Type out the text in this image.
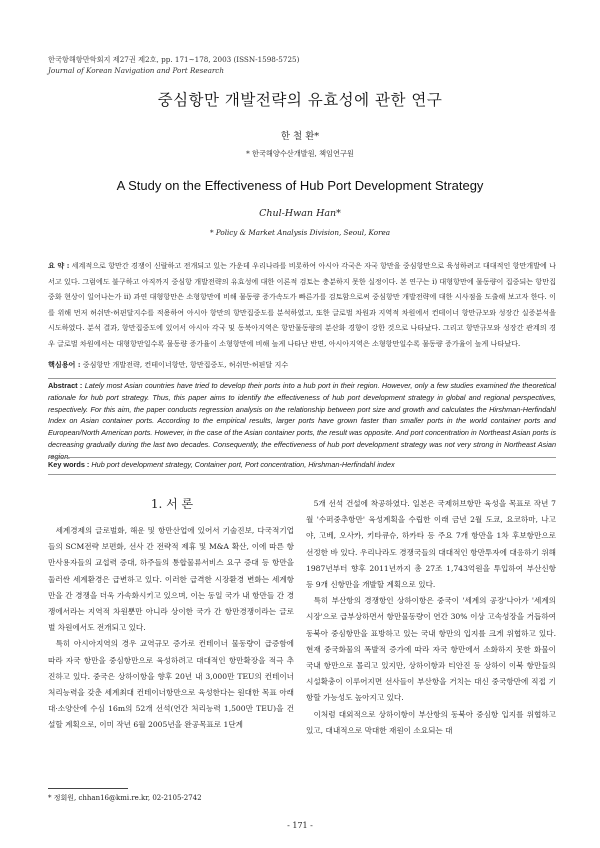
한국항해항만학회지 제27권 제2호, pp. 171~178, 2003 (ISSN-1598-5725)
Journal of Korean Navigation and Port Research
중심항만 개발전략의 유효성에 관한 연구
한 철 환*
* 한국해양수산개발원, 책임연구원
A Study on the Effectiveness of Hub Port Development Strategy
Chul-Hwan Han*
* Policy & Market Analysis Division, Seoul, Korea
요 약 : 세계적으로 항만간 경쟁이 신랄하고 전개되고 있는 가운데 우리나라를 비롯하여 아시아 각국은 자국 항만을 중심항만으로 육성하려고 대대적인 항만개발에 나서고 있다. 그럼에도 불구하고 아직까지 중심항 개발전략의 유효성에 대한 이론적 검토는 충분하지 못한 실정이다. 본 연구는 i) 대형항만에 물동량이 집중되는 항만집중화 현상이 일어나는가 ii) 과연 대형항만은 소형항만에 비해 물동량 증가속도가 빠른가를 검토함으로써 중심항만 개발전략에 대한 시사점을 도출해 보고자 한다. 이를 위해 먼저 허쉬만-허핀달지수를 적용하여 아시아 항만의 항만집중도를 분석하였고, 또한 글로벌 차원과 지역적 차원에서 컨테이너 항만규모와 성장간 실증분석을 시도하였다. 분석 결과, 항만집중도에 있어서 아시아 각국 및 동북아지역은 항만물동량의 분산화 경향이 강한 것으로 나타났다. 그리고 항만규모와 성장간 관계의 경우 글로벌 차원에서는 대형항만일수록 물동량 증가율이 소형항만에 비해 높게 나타난 반면, 아시아지역은 소형항만일수록 물동량 증가율이 높게 나타났다.
핵심용어 : 중심항만 개발전략, 컨테이너항만, 항만집중도, 허쉬만-허핀달 지수
Abstract : Lately most Asian countries have tried to develop their ports into a hub port in their region. However, only a few studies examined the theoretical rationale for hub port strategy. Thus, this paper aims to identify the effectiveness of hub port development strategy in global and regional perspectives, respectively. For this aim, the paper conducts regression analysis on the relationship between port size and growth and calculates the Hirshman-Herfindahl Index on Asian container ports. According to the empirical results, larger ports have grown faster than smaller ports in the world container ports and European/North American ports. However, in the case of the Asian container ports, the result was opposite. And port concentration in Northeast Asian ports is decreasing gradually during the last two decades. Consequently, the effectiveness of hub port development strategy was not very strong in Northeast Asian region.
Key words : Hub port development strategy, Container port, Port concentration, Hirshman-Herfindahl index
1. 서 론

세계경제의 글로벌화, 해운 및 항만산업에 있어서 기술진보, 다국적기업들의 SCM전략 보편화, 선사 간 전략적 제휴 및 M&A 확산, 이에 따른 항만사용자들의 교섭력 증대, 하주들의 통합물류서비스 요구 증대 등 항만을 둘러싼 세계환경은 급변하고 있다. 이러한 급격한 시장환경 변화는 세계항만을 간 경쟁을 더욱 가속화시키고 있으며, 이는 동일 국가 내 항만들 간 경쟁에서라는 지역적 차원뿐만 아니라 상이한 국가 간 항만경쟁이라는 글로벌 차원에서도 전개되고 있다.

특히 아시아지역의 경우 교역규모 증가로 컨테이너 물동량이 급증함에 따라 자국 항만을 중심항만으로 육성하려고 대대적인 항만확장을 적극 추진하고 있다. 중국은 상하이항을 향후 20년 내 3,000만 TEU의 컨테이너 처리능력을 갖춘 세계최대 컨테이너항만으로 육성한다는 원대한 목표 아래 대·소양산에 수심 16m의 52개 선석(연간 처리능력 1,500만 TEU)을 건설할 계획으로, 이미 작년 6월 2005년을 완공목표로 1단계

5개 선석 건설에 착공하였다. 일본은 국제허브항만 육성을 목표로 작년 7월 '수퍼중추항만' 육성계획을 수립한 이래 금년 2월 도쿄, 요코하마, 나고야, 고베, 오사카, 키타큐슈, 하카타 등 주요 7개 항만을 1차 후보항만으로 선정한 바 있다. 우리나라도 경쟁국들의 대대적인 항만투자에 대응하기 위해 1987년부터 향후 2011년까지 총 27조 1,743억원을 투입하여 부산신항 등 9개 신항만을 개발할 계획으로 있다.

특히 부산항의 경쟁항인 상하이항은 중국이 '세계의 공장'나아가 '세계의 시장'으로 급부상하면서 항만물동량이 연간 30% 이상 고속성장을 거듭하여 동북아 중심항만을 표방하고 있는 국내 항만의 입지를 크게 위협하고 있다. 현재 중국화물의 폭발적 증가에 따라 자국 항만에서 소화하지 못한 화물이 국내 항만으로 몰리고 있지만, 상하이항과 티안진 등 상하이 이북 항만들의 시설확충이 이루어지면 선사들이 부산항을 거치는 대신 중국항만에 직접 기항할 가능성도 높아지고 있다.

이처럼 대외적으로 상하이항이 부산항의 동북아 중심항 입지를 위협하고 있고, 대내적으로 막대한 재원이 소요되는 대

* 정회원, chhan16@kmi.re.kr, 02-2105-2742
- 171 -
